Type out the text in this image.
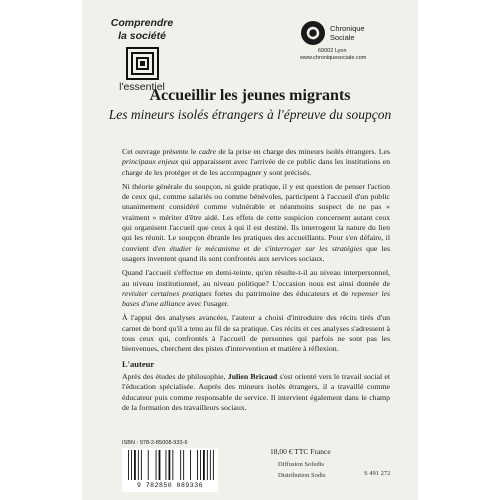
Comprendre
la société
l'essentiel
Chronique
Sociale
69002 Lyon
www.chroniquesociale.com
Accueillir les jeunes migrants
Les mineurs isolés étrangers à l'épreuve du soupçon

Cet ouvrage présente le cadre de la prise en charge des mineurs isolés étrangers. Les principaux enjeux qui apparaissent avec l'arrivée de ce public dans les institutions en charge de les protéger et de les accompagner y sont précisés.

Ni théorie générale du soupçon, ni guide pratique, il y est question de penser l'action de ceux qui, comme salariés ou comme bénévoles, participent à l'accueil d'un public unanimement considéré comme vulnérable et néanmoins suspect de ne pas « vraiment » mériter d'être aidé. Les effets de cette suspicion concernent autant ceux qui organisent l'accueil que ceux à qui il est destiné. Ils interrogent la nature du lien qui les réunit. Le soupçon ébranle les pratiques des accueillants. Pour s'en défaire, il convient d'en étudier le mécanisme et de s'interroger sur les stratégies que les usagers inventent quand ils sont confrontés aux services sociaux.

Quand l'accueil s'effectue en demi-teinte, qu'en résulte-t-il au niveau interpersonnel, au niveau institutionnel, au niveau politique? L'occasion nous est ainsi donnée de revisiter certaines pratiques fortes du patrimoine des éducateurs et de repenser les bases d'une alliance avec l'usager.

À l'appui des analyses avancées, l'auteur a choisi d'introduire des récits tirés d'un carnet de bord qu'il a tenu au fil de sa pratique. Ces récits et ces analyses s'adressent à tous ceux qui, confrontés à l'accueil de personnes qui parfois ne sont pas les bienvenues, cherchent des pistes d'intervention et matière à réflexion.

L'auteur

Après des études de philosophie, Julien Bricaud s'est orienté vers le travail social et l'éducation spécialisée. Auprès des mineurs isolés étrangers, il a travaillé comme éducateur puis comme responsable de service. Il intervient également dans le champ de la formation des travailleurs sociaux.

ISBN : 978-2-85008-933-6
9 782850 089336
18,00 € TTC France
Diffusion Sofedis
Distribution Sodis	S 491 272
